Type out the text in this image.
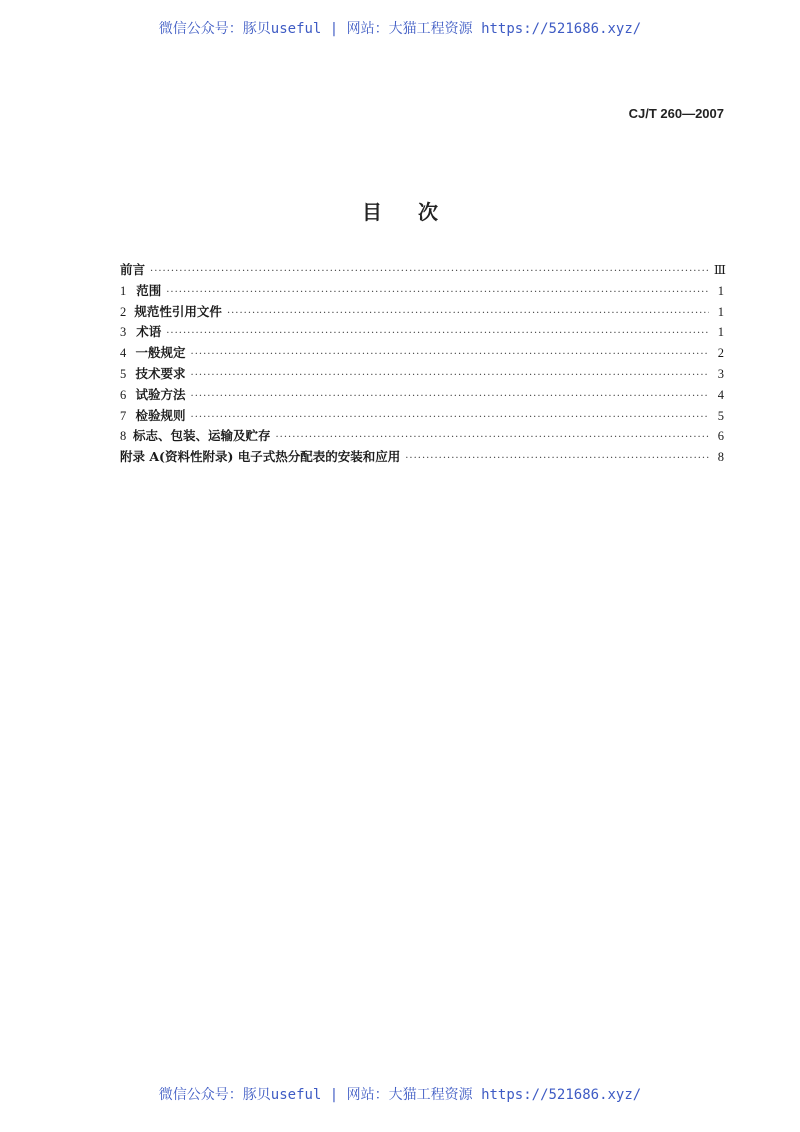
微信公众号：豚贝useful | 网站：大猫工程资源 https://521686.xyz/
CJ/T 260—2007
目次
前言 ·····	Ⅲ
1 范围 ·····	1
2 规范性引用文件 ·····	1
3 术语 ·····	1
4 一般规定 ·····	2
5 技术要求 ·····	3
6 试验方法 ·····	4
7 检验规则 ·····	5
8 标志、包装、运输及贮存 ·····	6
附录 A(资料性附录) 电子式热分配表的安装和应用 ·····	8
微信公众号：豚贝useful | 网站：大猫工程资源 https://521686.xyz/
